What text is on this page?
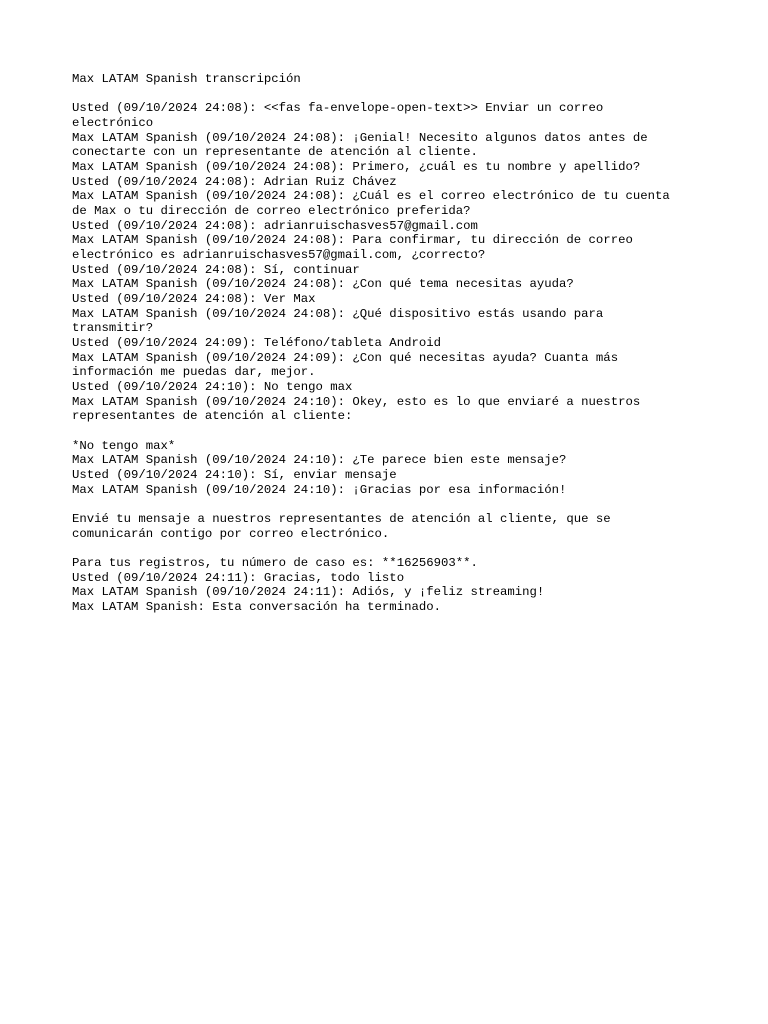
Max LATAM Spanish transcripción
Usted (09/10/2024 24:08): <<fas fa-envelope-open-text>> Enviar un correo
electrónico
Max LATAM Spanish (09/10/2024 24:08): ¡Genial! Necesito algunos datos antes de
conectarte con un representante de atención al cliente.
Max LATAM Spanish (09/10/2024 24:08): Primero, ¿cuál es tu nombre y apellido?
Usted (09/10/2024 24:08): Adrian Ruiz Chávez
Max LATAM Spanish (09/10/2024 24:08): ¿Cuál es el correo electrónico de tu cuenta
de Max o tu dirección de correo electrónico preferida?
Usted (09/10/2024 24:08): adrianruischasves57@gmail.com
Max LATAM Spanish (09/10/2024 24:08): Para confirmar, tu dirección de correo
electrónico es adrianruischasves57@gmail.com, ¿correcto?
Usted (09/10/2024 24:08): Sí, continuar
Max LATAM Spanish (09/10/2024 24:08): ¿Con qué tema necesitas ayuda?
Usted (09/10/2024 24:08): Ver Max
Max LATAM Spanish (09/10/2024 24:08): ¿Qué dispositivo estás usando para
transmitir?
Usted (09/10/2024 24:09): Teléfono/tableta Android
Max LATAM Spanish (09/10/2024 24:09): ¿Con qué necesitas ayuda? Cuanta más
información me puedas dar, mejor.
Usted (09/10/2024 24:10): No tengo max
Max LATAM Spanish (09/10/2024 24:10): Okey, esto es lo que enviaré a nuestros
representantes de atención al cliente:
*No tengo max*
Max LATAM Spanish (09/10/2024 24:10): ¿Te parece bien este mensaje?
Usted (09/10/2024 24:10): Sí, enviar mensaje
Max LATAM Spanish (09/10/2024 24:10): ¡Gracias por esa información!
Envié tu mensaje a nuestros representantes de atención al cliente, que se
comunicarán contigo por correo electrónico.
Para tus registros, tu número de caso es: **16256903**.
Usted (09/10/2024 24:11): Gracias, todo listo
Max LATAM Spanish (09/10/2024 24:11): Adiós, y ¡feliz streaming!
Max LATAM Spanish: Esta conversación ha terminado.
